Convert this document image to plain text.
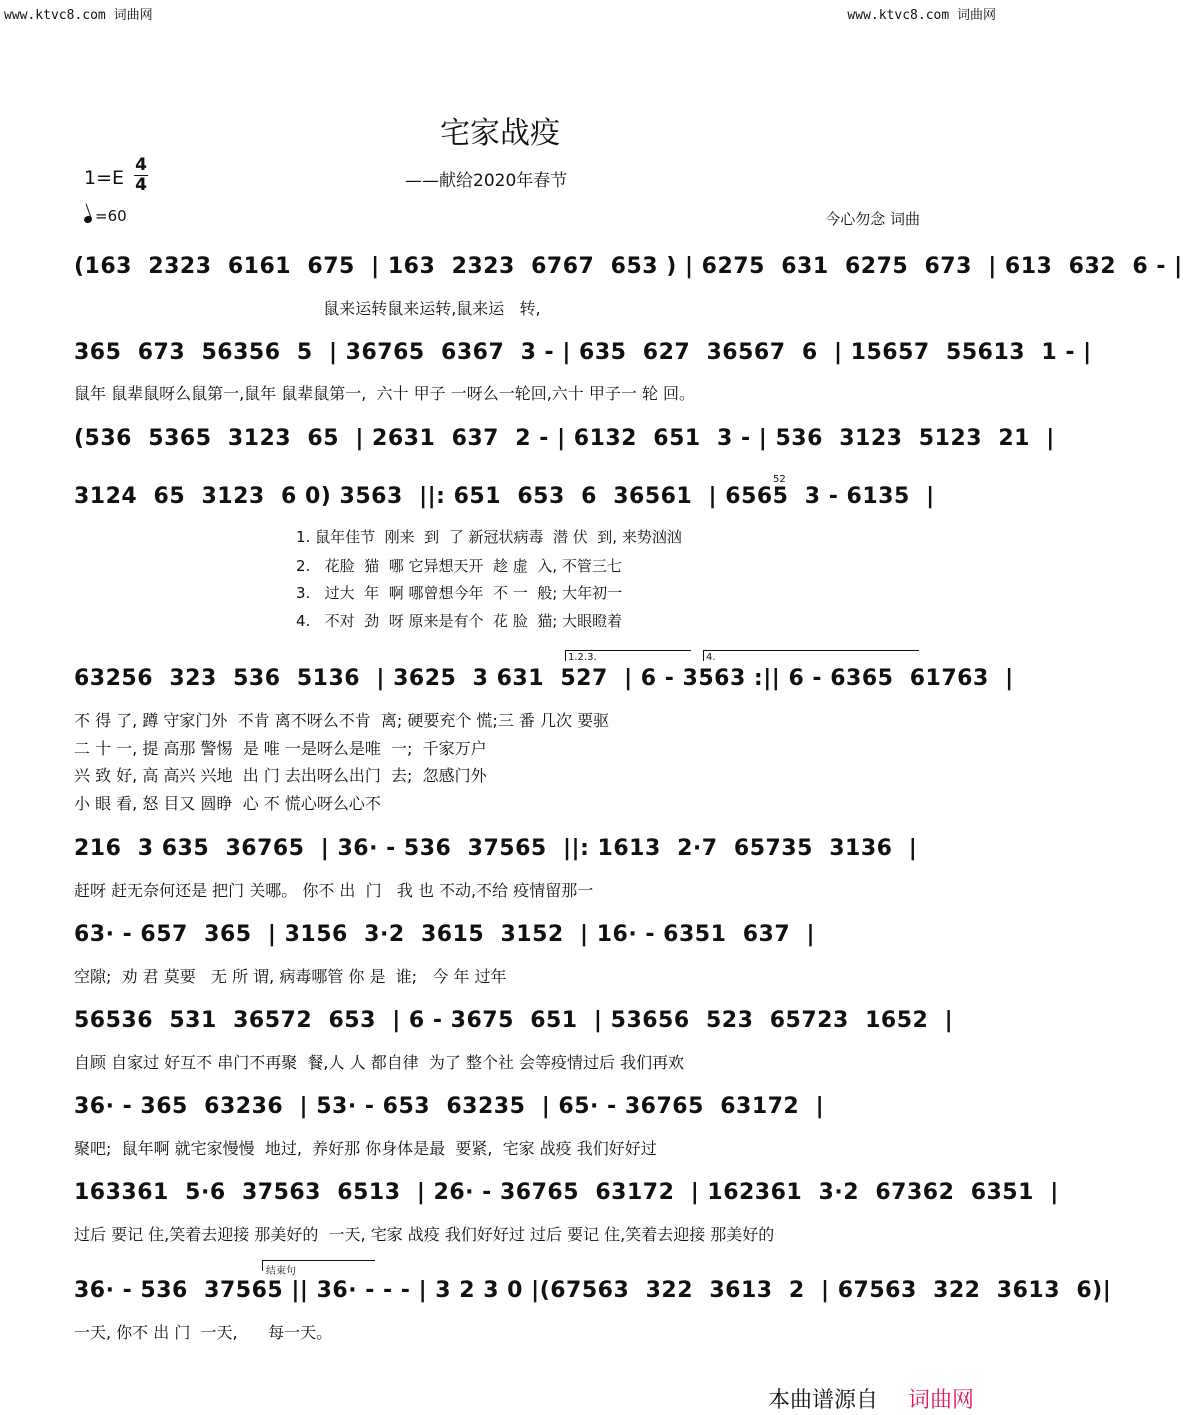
www.ktvc8.com 词曲网	www.ktvc8.com 词曲网
宅家战疫
——献给2020年春节
1=E
4
4
=60	今心勿念 词曲
(163  2323  6161  675  | 163  2323  6767  653 ) | 6275  631  6275  673  | 613  632  6 - |
鼠来运转鼠来运转,鼠来运   转,
365  673  56356  5  | 36765  6367  3 - | 635  627  36567  6  | 15657  55613  1 - |
鼠年 鼠辈鼠呀么鼠第一,鼠年 鼠辈鼠第一,  六十 甲子 一呀么一轮回,六十 甲子一 轮 回。
(536  5365  3123  65  | 2631  637  2 - | 6132  651  3 - | 536  3123  5123  21  |
3124  65  3123  6 0) 3563  ||: 651  653  6  36561  | 6565  3 - 6135  |
52
1. 鼠年佳节  刚来  到  了 新冠状病毒  潜 伏  到, 来势汹汹
2.   花脸  猫  哪 它异想天开  趁 虚  入, 不管三七
3.   过大  年  啊 哪曾想今年  不 一  般; 大年初一
4.   不对  劲  呀 原来是有个  花 脸  猫; 大眼瞪着
1.2.3.	4.
63256  323  536  5136  | 3625  3 631  527  | 6 - 3563 :|| 6 - 6365  61763  |
不 得 了, 蹲 守家门外  不肯 离不呀么不肯  离; 硬要充个 慌;三 番 几次 要驱
二 十 一, 提 高那 警惕  是 唯 一是呀么是唯  一;  千家万户
兴 致 好, 高 高兴 兴地  出 门 去出呀么出门  去;  忽感门外
小 眼 看, 怒 目又 圆睁  心 不 慌心呀么心不
216  3 635  36765  | 36· - 536  37565  ||: 1613  2·7  65735  3136  |
赶呀 赶无奈何还是 把门 关哪。 你不 出  门   我 也 不动,不给 疫情留那一
63· - 657  365  | 3156  3·2  3615  3152  | 16· - 6351  637  |
空隙;  劝 君 莫要   无 所 谓, 病毒哪管 你 是  谁;   今 年 过年
56536  531  36572  653  | 6 - 3675  651  | 53656  523  65723  1652  |
自顾 自家过 好互不 串门不再聚  餐,人 人 都自律  为了 整个社 会等疫情过后 我们再欢
36· - 365  63236  | 53· - 653  63235  | 65· - 36765  63172  |
聚吧;  鼠年啊 就宅家慢慢  地过,  养好那 你身体是最  要紧,  宅家 战疫 我们好好过
163361  5·6  37563  6513  | 26· - 36765  63172  | 162361  3·2  67362  6351  |
过后 要记 住,笑着去迎接 那美好的  一天, 宅家 战疫 我们好好过 过后 要记 住,笑着去迎接 那美好的
结束句
36· - 536  37565 || 36· - - - | 3 2 3 0 |(67563  322  3613  2  | 67563  322  3613  6)|
一天, 你不 出 门  一天,      每一天。
本曲谱源自 词曲网
